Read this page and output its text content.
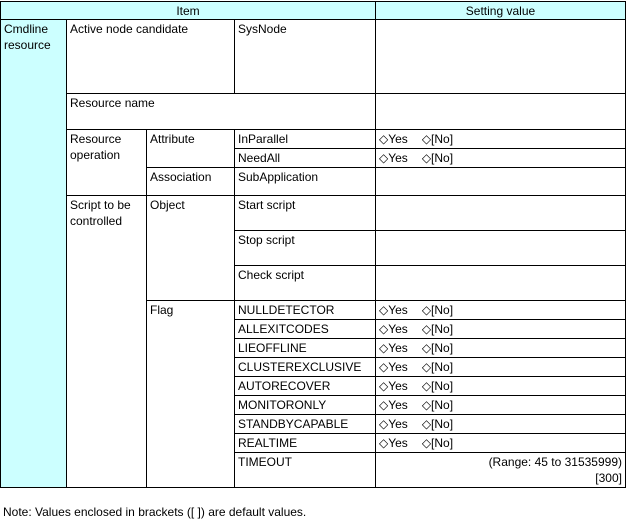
Item				Setting value
Cmdline resource	Active node candidate		SysNode	
	Resource name			
	Resource operation	Attribute	InParallel	◇Yes ◇[No]
			NeedAll	◇Yes ◇[No]
		Association	SubApplication	
	Script to be controlled	Object	Start script	
			Stop script	
			Check script	
		Flag	NULLDETECTOR	◇Yes ◇[No]
			ALLEXITCODES	◇Yes ◇[No]
			LIEOFFLINE	◇Yes ◇[No]
			CLUSTEREXCLUSIVE	◇Yes ◇[No]
			AUTORECOVER	◇Yes ◇[No]
			MONITORONLY	◇Yes ◇[No]
			STANDBYCAPABLE	◇Yes ◇[No]
			REALTIME	◇Yes ◇[No]
			TIMEOUT	(Range: 45 to 31535999)
[300]
Note: Values enclosed in brackets ([ ]) are default values.
